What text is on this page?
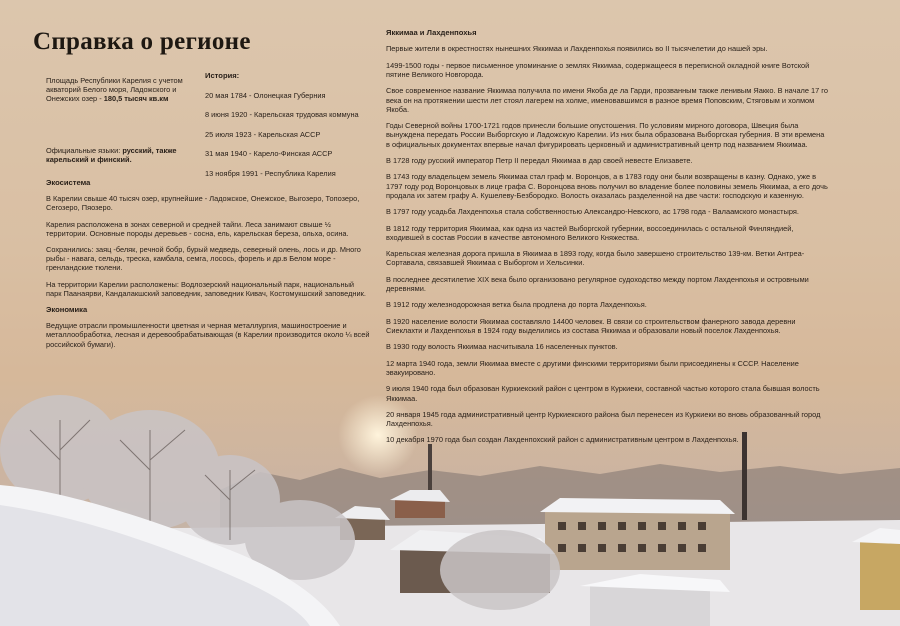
Справка о регионе
Площадь Республики Карелия с учетом акваторий Белого моря, Ладожского и Онежских озер - 180,5 тысяч кв.км
История:
20 мая 1784 - Олонецкая Губерния
8 июня 1920 - Карельская трудовая коммуна
25 июля 1923 - Карельская АССР
31 мая 1940 - Карело-Финская АССР
13 ноября 1991 - Республика Карелия
Официальные языки: русский, также карельский и финский.
Экосистема

В Карелии свыше 40 тысяч озер, крупнейшие - Ладожское, Онежское, Выгозеро, Топозеро, Сегозеро, Пяозеро.

Карелия расположена в зонах северной и средней тайги. Леса занимают свыше ½ территории. Основные породы деревьев - сосна, ель, карельская береза, ольха, осина.

Сохранились: заяц -беляк, речной бобр, бурый медведь, северный олень, лось и др. Много рыбы - навага, сельдь, треска, камбала, семга, лосось, форель и др.в Белом море - гренландские тюлени.

На территории Карелии расположены: Водлозерский национальный парк, национальный парк Паанаярви, Кандалакшский заповедник, заповедник Кивач, Костомукшский заповедник.

Экономика

Ведущие отрасли промышленности цветная и черная металлургия, машиностроение и металлообработка, лесная и деревообрабатывающая (в Карелии производится около ¼ всей российской бумаги).

Яккимаа и Лахденпохья

Первые жители в окрестностях нынешних Яккимаа и Лахденпохья появились во II тысячелетии до нашей эры.

1499-1500 годы - первое письменное упоминание о землях Яккимаа, содержащееся в переписной окладной книге Вотской пятине Великого Новгорода.

Свое современное название Яккимаа получила по имени Якоба де ла Гарди, прозванным также ленивым Яакко. В начале 17 го века он на протяжении шести лет стоял лагерем на холме, именовавшимся в разное время Поповским, Стяговым и холмом Якоба.

Годы Северной войны 1700-1721 годов принесли большие опустошения. По условиям мирного договора, Швеция была вынуждена передать России Выборгскую и Ладожскую Карелии. Из них была образована Выборгская губерния. В эти времена в официальных документах впервые начал фигурировать церковный и административный центр под названием Яккимаа.

В 1728 году русский император Петр II передал Яккимаа в дар своей невесте Елизавете.

В 1743 году владельцем земель Яккимаа стал граф м. Воронцов, а в 1783 году они были возвращены в казну. Однако, уже в 1797 году род Воронцовых в лице графа С. Воронцова вновь получил во владение более половины земель Яккимаа, а его дочь продала их затем графу А. Кушелеву-Безбородко. Волость оказалась разделенной на две части: господскую и казенную.

В 1797 году усадьба Лахденпохья стала собственностью Александро-Невского, ас 1798 года - Валаамского монастыря.

В 1812 году территория Яккимаа, как одна из частей Выборгской губернии, воссоединилась с остальной Финляндией, входившей в состав России в качестве автономного Великого Княжества.

Карельская железная дорога пришла в Яккимаа в 1893 году, когда было завершено строительство 139-км. Ветки Антреа-Сортавала, связавшей Яккимаа с Выборгом и Хельсинки.

В последнее десятилетие XIX века было организовано регулярное судоходство между портом Лахденпохья и островными деревнями.

В 1912 году железнодорожная ветка была продлена до порта Лахденпохья.

В 1920 население волости Яккимаа составляло 14400 человек. В связи со строительством фанерного завода деревни Сиеклахти и Лахденпохья в 1924 году выделились из состава Яккимаа и образовали новый поселок Лахденпохья.

В 1930 году волость Яккимаа насчитывала 16 населенных пунктов.

12 марта 1940 года, земли Яккимаа вместе с другими финскими территориями были присоединены к СССР. Население эвакуировано.

9 июля 1940 года был образован Куркиекский район с центром в Куркиеки, составной частью которого стала бывшая волость Яккимаа.

20 января 1945 года административный центр Куркиекского района был перенесен из Куркиеки во вновь образованный город Лахденпохья.

10 декабря 1970 года был создан Лахденпохский район с административным центром в Лахденпохья.
